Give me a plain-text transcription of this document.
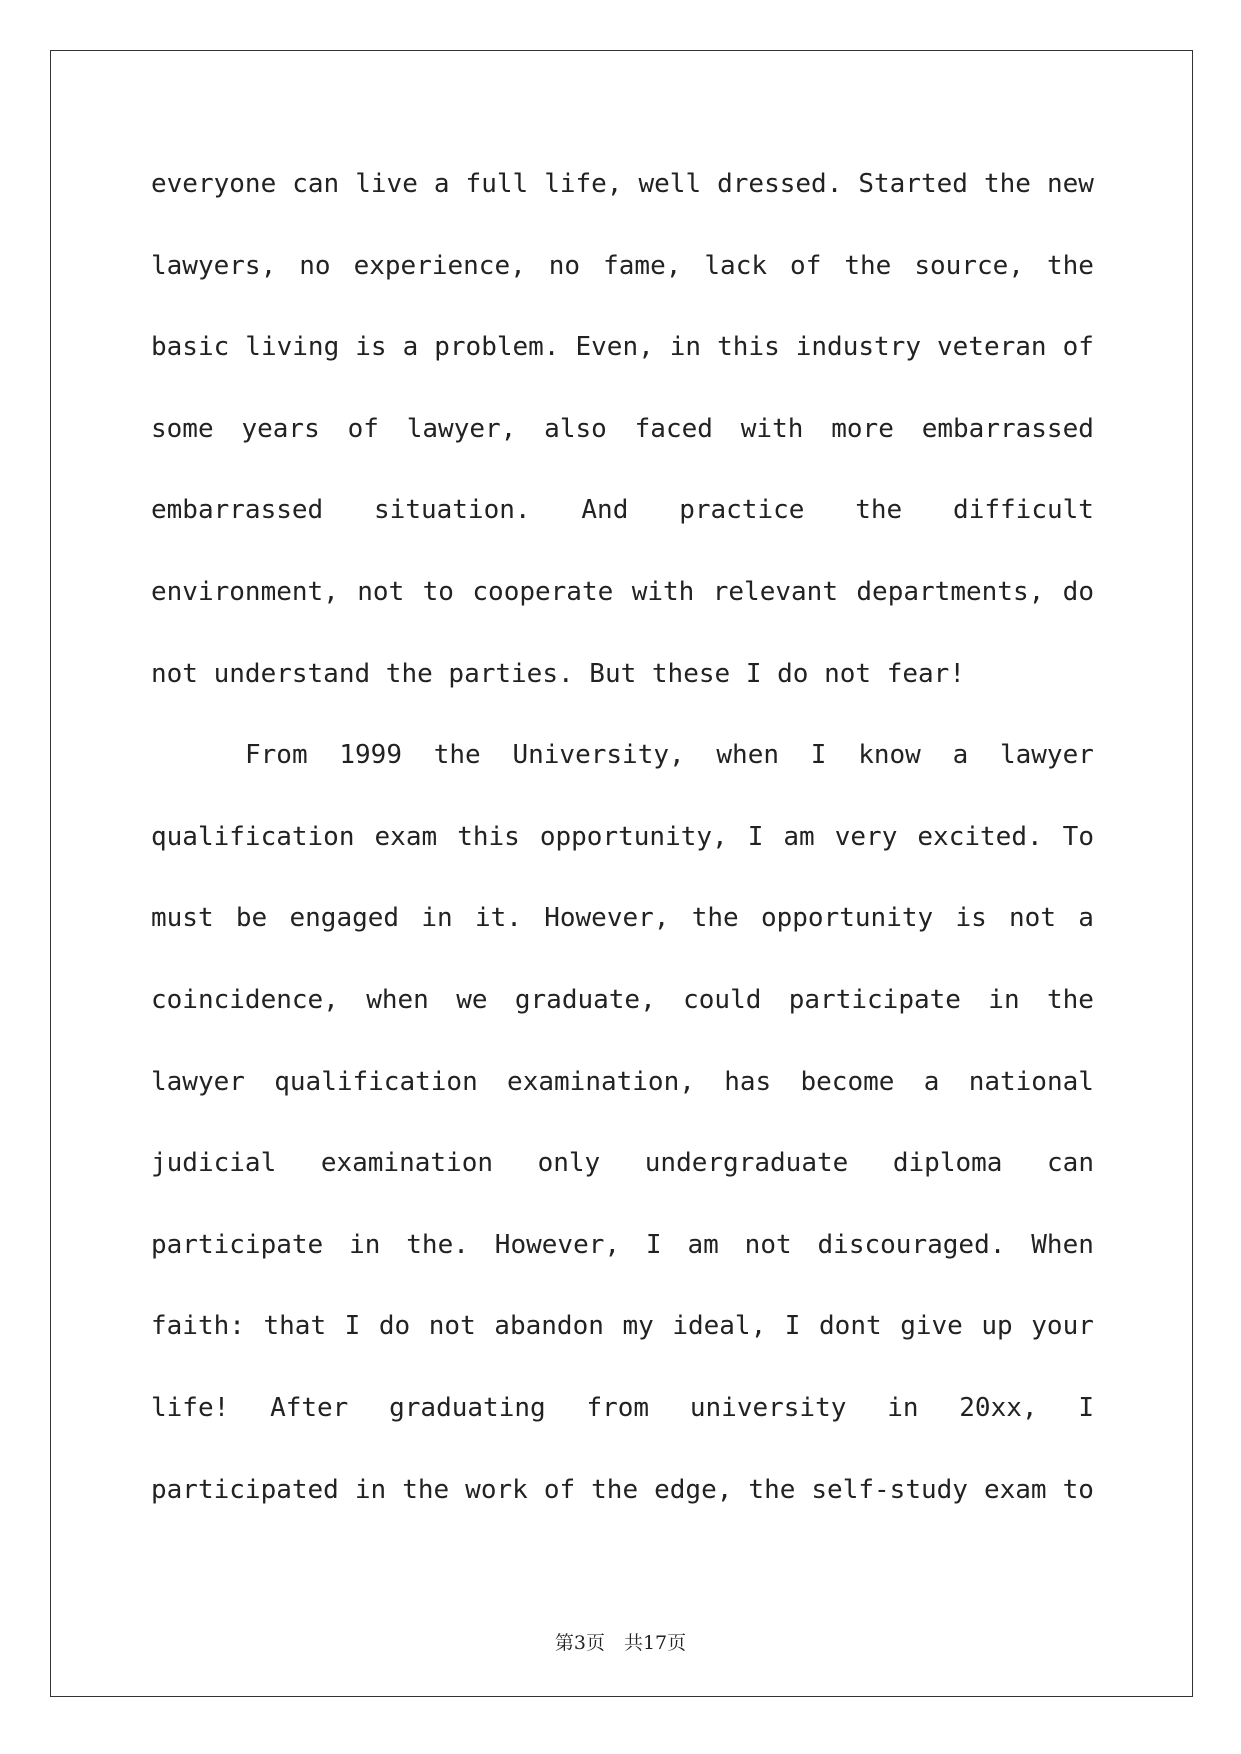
everyone can live a full life, well dressed. Started the new
lawyers, no experience, no fame, lack of the source, the
basic living is a problem. Even, in this industry veteran of
some years of lawyer, also faced with more embarrassed
embarrassed situation. And practice the difficult
environment, not to cooperate with relevant departments, do
not understand the parties. But these I do not fear!
From 1999 the University, when I know a lawyer
qualification exam this opportunity, I am very excited. To
must be engaged in it. However, the opportunity is not a
coincidence, when we graduate, could participate in the
lawyer qualification examination, has become a national
judicial examination only undergraduate diploma can
participate in the. However, I am not discouraged. When
faith: that I do not abandon my ideal, I dont give up your
life! After graduating from university in 20xx, I
participated in the work of the edge, the self-study exam to
第3页　共17页
